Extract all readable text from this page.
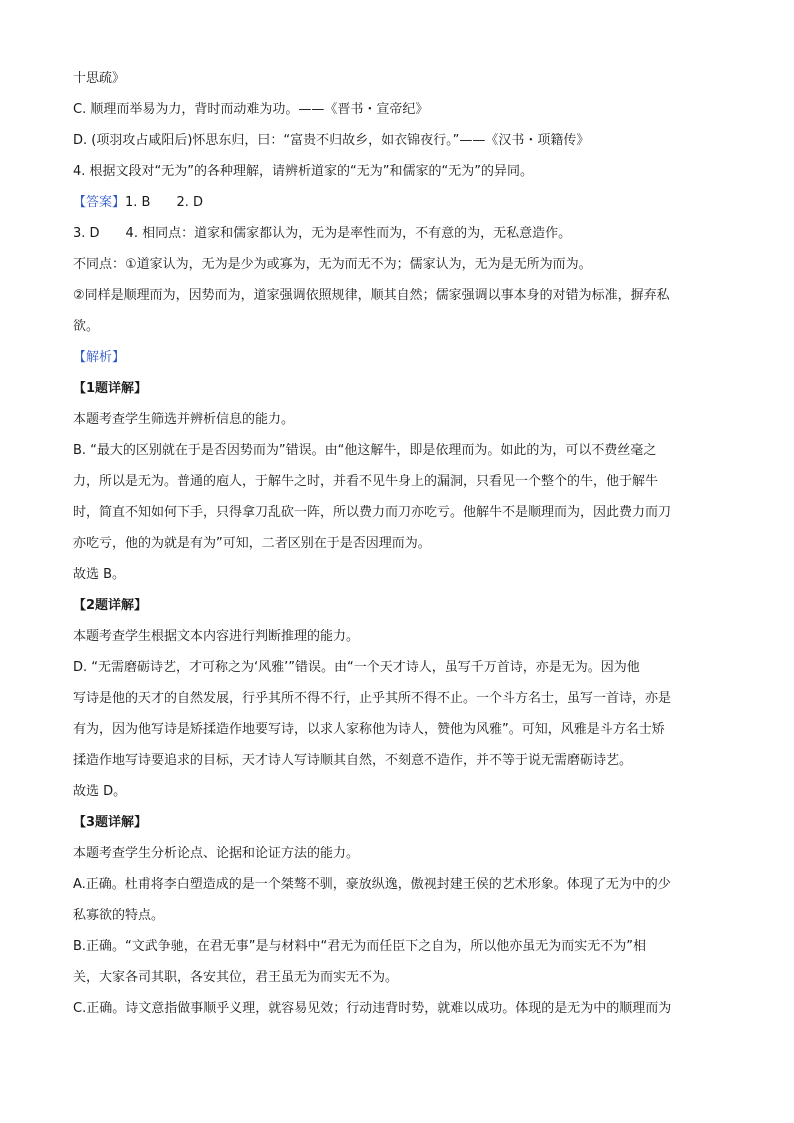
十思疏》
C. 顺理而举易为力，背时而动难为功。——《晋书・宣帝纪》
D. (项羽攻占咸阳后)怀思东归，曰：“富贵不归故乡，如衣锦夜行。”——《汉书・项籍传》
4. 根据文段对“无为”的各种理解，请辨析道家的“无为”和儒家的“无为”的异同。
【答案】1. B　　2. D
3. D　　4. 相同点：道家和儒家都认为，无为是率性而为，不有意的为，无私意造作。
不同点：①道家认为，无为是少为或寡为，无为而无不为；儒家认为，无为是无所为而为。
②同样是顺理而为，因势而为，道家强调依照规律，顺其自然；儒家强调以事本身的对错为标准，摒弃私
欲。
【解析】
【1题详解】
本题考查学生筛选并辨析信息的能力。
B. “最大的区别就在于是否因势而为”错误。由“他这解牛，即是依理而为。如此的为，可以不费丝毫之
力，所以是无为。普通的庖人，于解牛之时，并看不见牛身上的漏洞，只看见一个整个的牛，他于解牛
时，简直不知如何下手，只得拿刀乱砍一阵，所以费力而刀亦吃亏。他解牛不是顺理而为，因此费力而刀
亦吃亏，他的为就是有为”可知，二者区别在于是否因理而为。
故选 B。
【2题详解】
本题考查学生根据文本内容进行判断推理的能力。
D. “无需磨砺诗艺，才可称之为‘风雅’”错误。由“一个天才诗人，虽写千万首诗，亦是无为。因为他
写诗是他的天才的自然发展，行乎其所不得不行，止乎其所不得不止。一个斗方名士，虽写一首诗，亦是
有为，因为他写诗是矫揉造作地要写诗，以求人家称他为诗人，赞他为风雅”。可知，风雅是斗方名士矫
揉造作地写诗要追求的目标，天才诗人写诗顺其自然，不刻意不造作，并不等于说无需磨砺诗艺。
故选 D。
【3题详解】
本题考查学生分析论点、论据和论证方法的能力。
A.正确。杜甫将李白塑造成的是一个桀骜不驯，豪放纵逸，傲视封建王侯的艺术形象。体现了无为中的少
私寡欲的特点。
B.正确。“文武争驰，在君无事”是与材料中“君无为而任臣下之自为，所以他亦虽无为而实无不为”相
关，大家各司其职，各安其位，君王虽无为而实无不为。
C.正确。诗文意指做事顺乎义理，就容易见效；行动违背时势，就难以成功。体现的是无为中的顺理而为
